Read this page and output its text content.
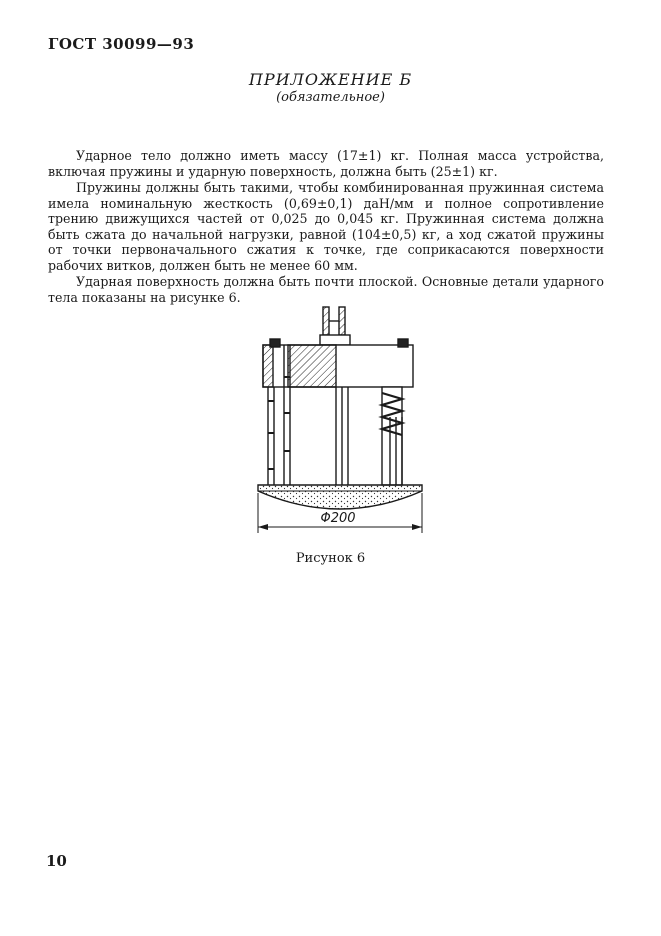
ГОСТ 30099—93
ПРИЛОЖЕНИЕ Б
(обязательное)

Ударное тело должно иметь массу (17±1) кг. Полная масса устройства, включая пружины и ударную поверхность, должна быть (25±1) кг.

Пружины должны быть такими, чтобы комбинированная пружинная система имела номинальную жесткость (0,69±0,1) даН/мм и полное сопротивление трению движущихся частей от 0,025 до 0,045 кг. Пружинная система должна быть сжата до начальной нагрузки, равной (104±0,5) кг, а ход сжатой пружины от точки первоначального сжатия к точке, где соприкасаются поверхности рабочих витков, должен быть не менее 60 мм.

Ударная поверхность должна быть почти плоской. Основные детали ударного тела показаны на рисунке 6.

Φ200
Рисунок 6
10
